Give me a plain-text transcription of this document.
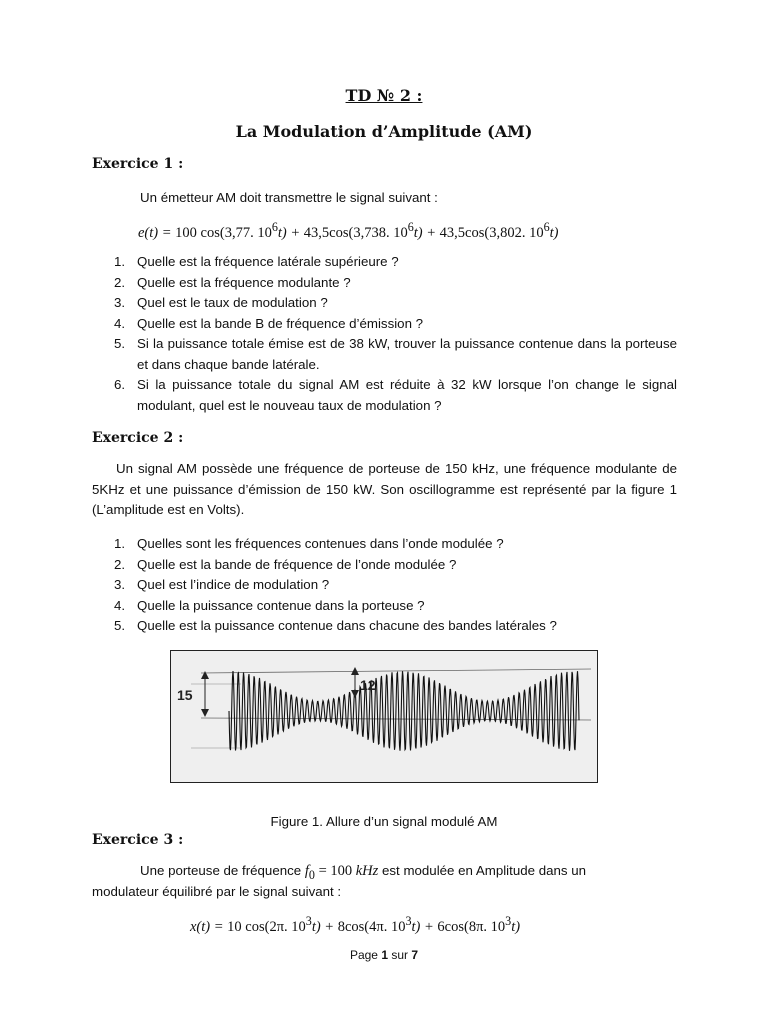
TD № 2 :
La Modulation d’Amplitude (AM)
Exercice 1 :
Un émetteur AM doit transmettre le signal suivant :
e(t) = 100 cos(3,77. $10^6t) + 43,5\cos(3,738$. $10^6t) + 43,5\cos(3,802$. $10^6t$)
1. Quelle est la fréquence latérale supérieure ?
2. Quelle est la fréquence modulante ?
3. Quel est le taux de modulation ?
4. Quelle est la bande B de fréquence d’émission ?
5. Si la puissance totale émise est de 38 kW, trouver la puissance contenue dans la porteuse et dans chaque bande latérale.
6. Si la puissance totale du signal AM est réduite à 32 kW lorsque l’on change le signal modulant, quel est le nouveau taux de modulation ?
Exercice 2 :
Un signal AM possède une fréquence de porteuse de 150 kHz, une fréquence modulante de 5KHz et une puissance d’émission de 150 kW. Son oscillogramme est représenté par la figure 1 (L’amplitude est en Volts).
1. Quelles sont les fréquences contenues dans l’onde modulée ?
2. Quelle est la bande de fréquence de l’onde modulée ?
3. Quel est l’indice de modulation ?
4. Quelle la puissance contenue dans la porteuse ?
5. Quelle est la puissance contenue dans chacune des bandes latérales ?
15
12
Figure 1. Allure d’un signal modulé AM
Exercice 3 :
Une porteuse de fréquence $f_0 = 100$ kHz est modulée en Amplitude dans un
modulateur équilibré par le signal suivant :
x(t) = 10 cos(2π. $10^3t) + 8\cos(4\pi$. $10^3t) + 6\cos(8\pi$. $10^3t$)
Page 1 sur 7
